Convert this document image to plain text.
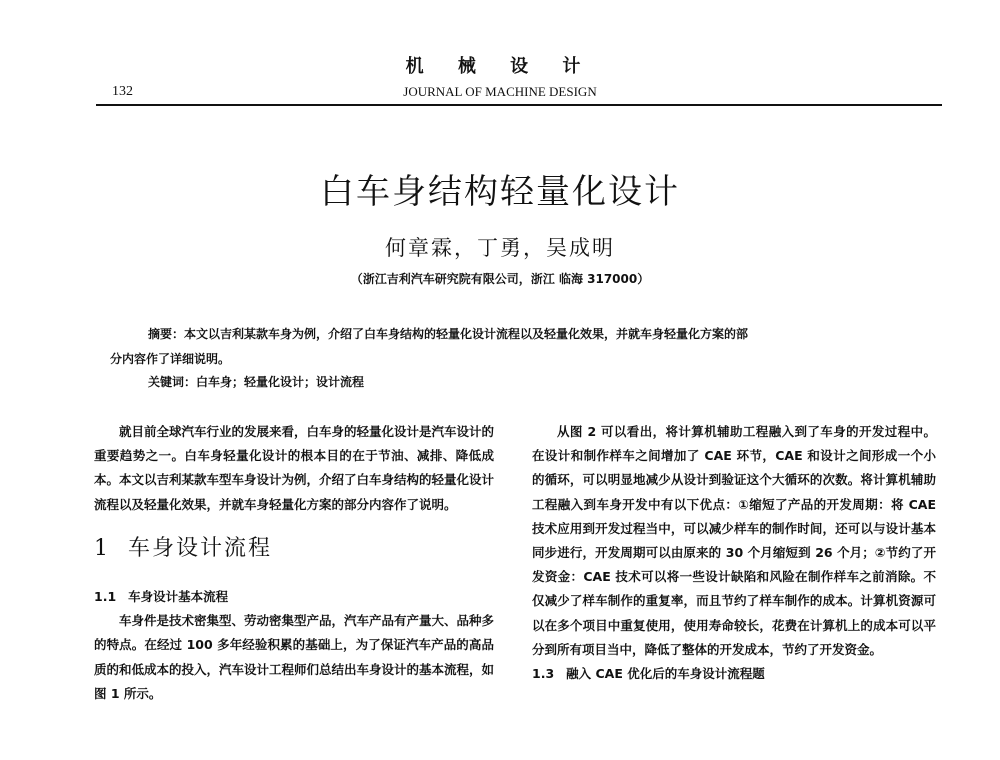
机 械 设 计
132	JOURNAL OF MACHINE DESIGN
白车身结构轻量化设计
何章霖，丁勇，吴成明
（浙江吉利汽车研究院有限公司，浙江 临海 317000）
摘要：本文以吉利某款车身为例，介绍了白车身结构的轻量化设计流程以及轻量化效果，并就车身轻量化方案的部
分内容作了详细说明。
关键词：白车身；轻量化设计；设计流程

就目前全球汽车行业的发展来看，白车身的轻量化设计是汽车设计的重要趋势之一。白车身轻量化设计的根本目的在于节油、减排、降低成本。本文以吉利某款车型车身设计为例，介绍了白车身结构的轻量化设计流程以及轻量化效果，并就车身轻量化方案的部分内容作了说明。

1 车身设计流程
1.1 车身设计基本流程

车身件是技术密集型、劳动密集型产品，汽车产品有产量大、品种多的特点。在经过 100 多年经验积累的基础上，为了保证汽车产品的高品质的和低成本的投入，汽车设计工程师们总结出车身设计的基本流程，如图 1 所示。

从图 2 可以看出，将计算机辅助工程融入到了车身的开发过程中。在设计和制作样车之间增加了 CAE 环节，CAE 和设计之间形成一个小的循环，可以明显地减少从设计到验证这个大循环的次数。将计算机辅助工程融入到车身开发中有以下优点：①缩短了产品的开发周期：将 CAE 技术应用到开发过程当中，可以减少样车的制作时间，还可以与设计基本同步进行，开发周期可以由原来的 30 个月缩短到 26 个月；②节约了开发资金：CAE 技术可以将一些设计缺陷和风险在制作样车之前消除。不仅减少了样车制作的重复率，而且节约了样车制作的成本。计算机资源可以在多个项目中重复使用，使用寿命较长，花费在计算机上的成本可以平分到所有项目当中，降低了整体的开发成本，节约了开发资金。

1.3 融入 CAE 优化后的车身设计流程题
